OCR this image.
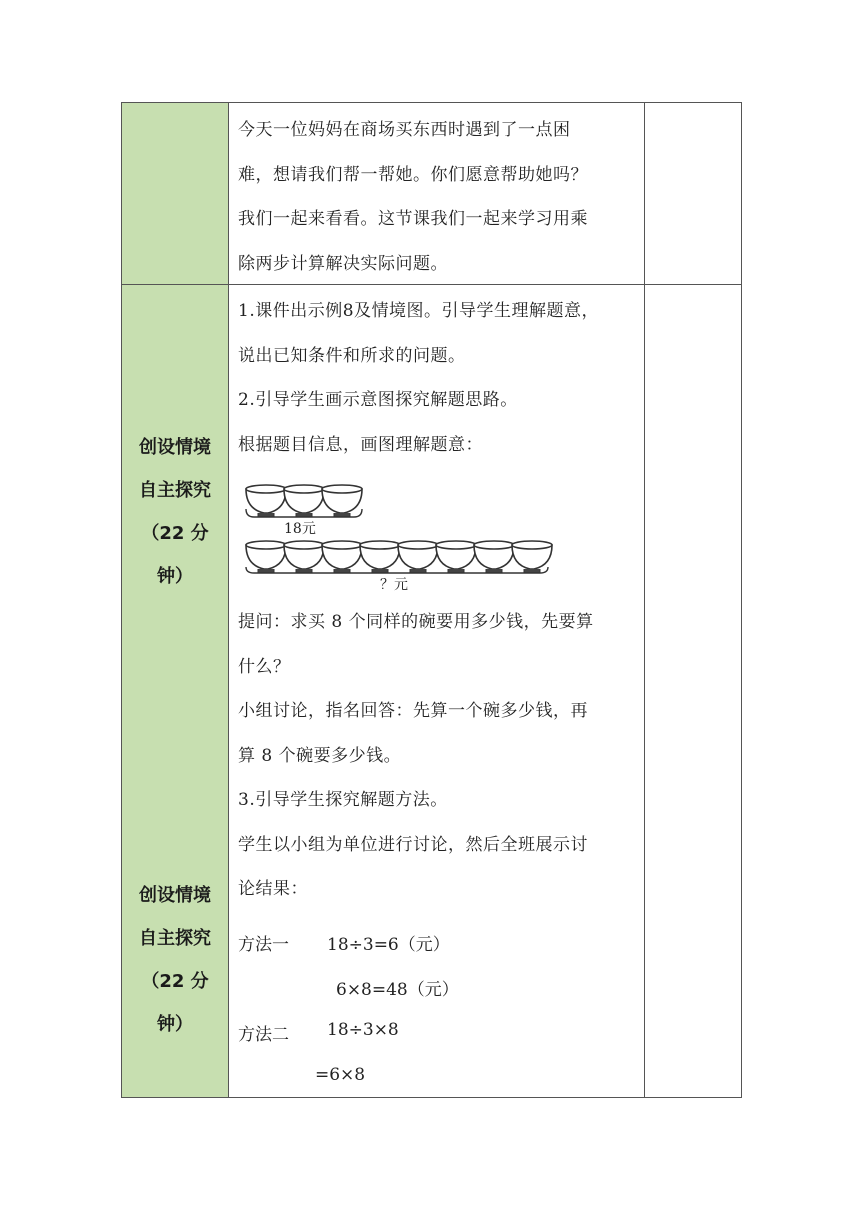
今天一位妈妈在商场买东西时遇到了一点困

难，想请我们帮一帮她。你们愿意帮助她吗？

我们一起来看看。这节课我们一起来学习用乘

除两步计算解决实际问题。

创设情境
自主探究
（22 分
钟）
创设情境
自主探究
（22 分
钟）

1.课件出示例8及情境图。引导学生理解题意，

说出已知条件和所求的问题。

2.引导学生画示意图探究解题思路。

根据题目信息，画图理解题意：

18元
？元

提问：求买 8 个同样的碗要用多少钱，先要算

什么？

小组讨论，指名回答：先算一个碗多少钱，再

算 8 个碗要多少钱。

3.引导学生探究解题方法。

学生以小组为单位进行讨论，然后全班展示讨

论结果：

方法一 18÷3=6（元）
6×8=48（元）
方法二 18÷3×8
=6×8
